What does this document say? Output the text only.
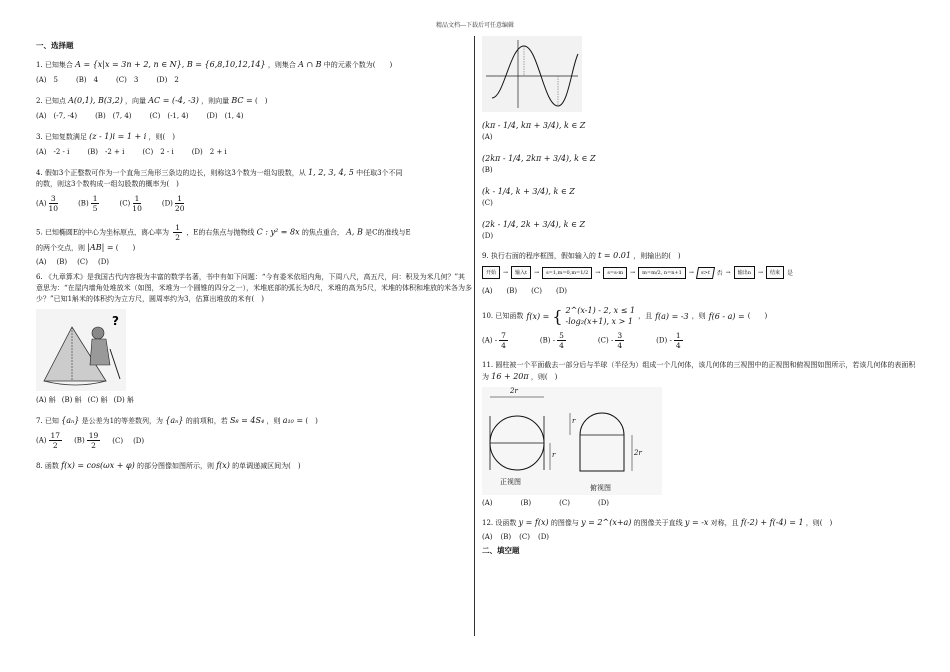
精品文档---下载后可任意编辑
一、选择题
1. 已知集合 A = {x|x = 3n + 2, n ∈ N}, B = {6,8,10,12,14} ，则集合 A ∩ B 中的元素个数为(　　)
(A)　5	(B)　4	(C)　3	(D)　2
2. 已知点 A(0,1), B(3,2) ，向量 AC = (-4, -3) ，则向量 BC = (　)
(A)　(-7, -4)	(B)　(7, 4)	(C)　(-1, 4)	(D)　(1, 4)
3. 已知复数满足 (z - 1)i = 1 + i ，则(　)
(A)　-2 - i	(B)　-2 + i	(C)　2 - i	(D)　2 + i
4. 假如3个正整数可作为一个直角三角形三条边的边长，则称这3个数为一组勾股数，从 1, 2, 3, 4, 5 中任取3个不同
的数，则这3个数构成一组勾股数的概率为(　)
$(A) \frac{3}{10}$	$(B) \frac{1}{5}$	$(C) \frac{1}{10}$	$(D) \frac{1}{20}$
5. 已知椭圆E的中心为坐标原点，离心率为 $\frac{1}{2}$ ，E的右焦点与抛物线 C : y² = 8x 的焦点重合， A, B 是C的准线与E
的两个交点，则 |AB| = (　　)
(A) (B) (C) (D)
6. 《九章算术》是我国古代内容极为丰富的数学名著，书中有如下问题：“今有委米依垣内角，下周八尺，高五尺，问：积及为米几何？”其意思为：“在屋内墙角处堆放米（如图，米堆为一个圆锥的四分之一），米堆底部的弧长为8尺，米堆的高为5尺，米堆的体积和堆放的米各为多少？”已知1斛米的体积约为立方尺，圆周率约为3，估算出堆放的米有(　)
?
(A) 斛 (B) 斛 (C) 斛 (D) 斛
7. 已知 {aₙ} 是公差为1的等差数列，为 {aₙ} 的前项和，若 S₈ = 4S₄ ，则 a₁₀ = (　)
$(A) \frac{17}{2} (B) \frac{19}{2} (C)$ (D)
8. 函数 f(x) = cos(ωx + φ) 的部分图像如图所示，则 f(x) 的单调递减区间为(　)
(kπ - 1/4, kπ + 3/4), k ∈ Z
(A)
(2kπ - 1/4, 2kπ + 3/4), k ∈ Z
(B)
(k - 1/4, k + 3/4), k ∈ Z
(C)
(2k - 1/4, 2k + 3/4), k ∈ Z
(D)
9. 执行右面的程序框图，假如输入的 t = 0.01 ，则输出的(　)
开始	→	输入t	→	s=1,m=0,m=1/2	→	s=s-m	→	m=m/2, n=n+1	→	s>t	否 →	输出n	→	结束	是
(A) (B) (C) (D)
10. 已知函数 f(x) = { 2^(x-1) - 2, x ≤ 1
-log₂(x+1), x > 1
，且 f(a) = -3 ，则 f(6 - a) = (　　)
$(A) - \frac{7}{4}$	$(B) - \frac{5}{4}$	$(C) - \frac{3}{4}$	$(D) - \frac{1}{4}$
11. 圆柱被一个平面截去一部分后与半球（半径为）组成一个几何体，该几何体的三视图中的正视图和俯视图如图所示，若该几何体的表面积为 16 + 20π ，则(　)
2r
r
r
2r
正视图
俯视图
(A)	(B)	(C)	(D)
12. 设函数 y = f(x) 的图像与 y = 2^(x+a) 的图像关于直线 y = -x 对称，且 f(-2) + f(-4) = 1 ，则(　)
(A) (B) (C) (D)
二、填空题
